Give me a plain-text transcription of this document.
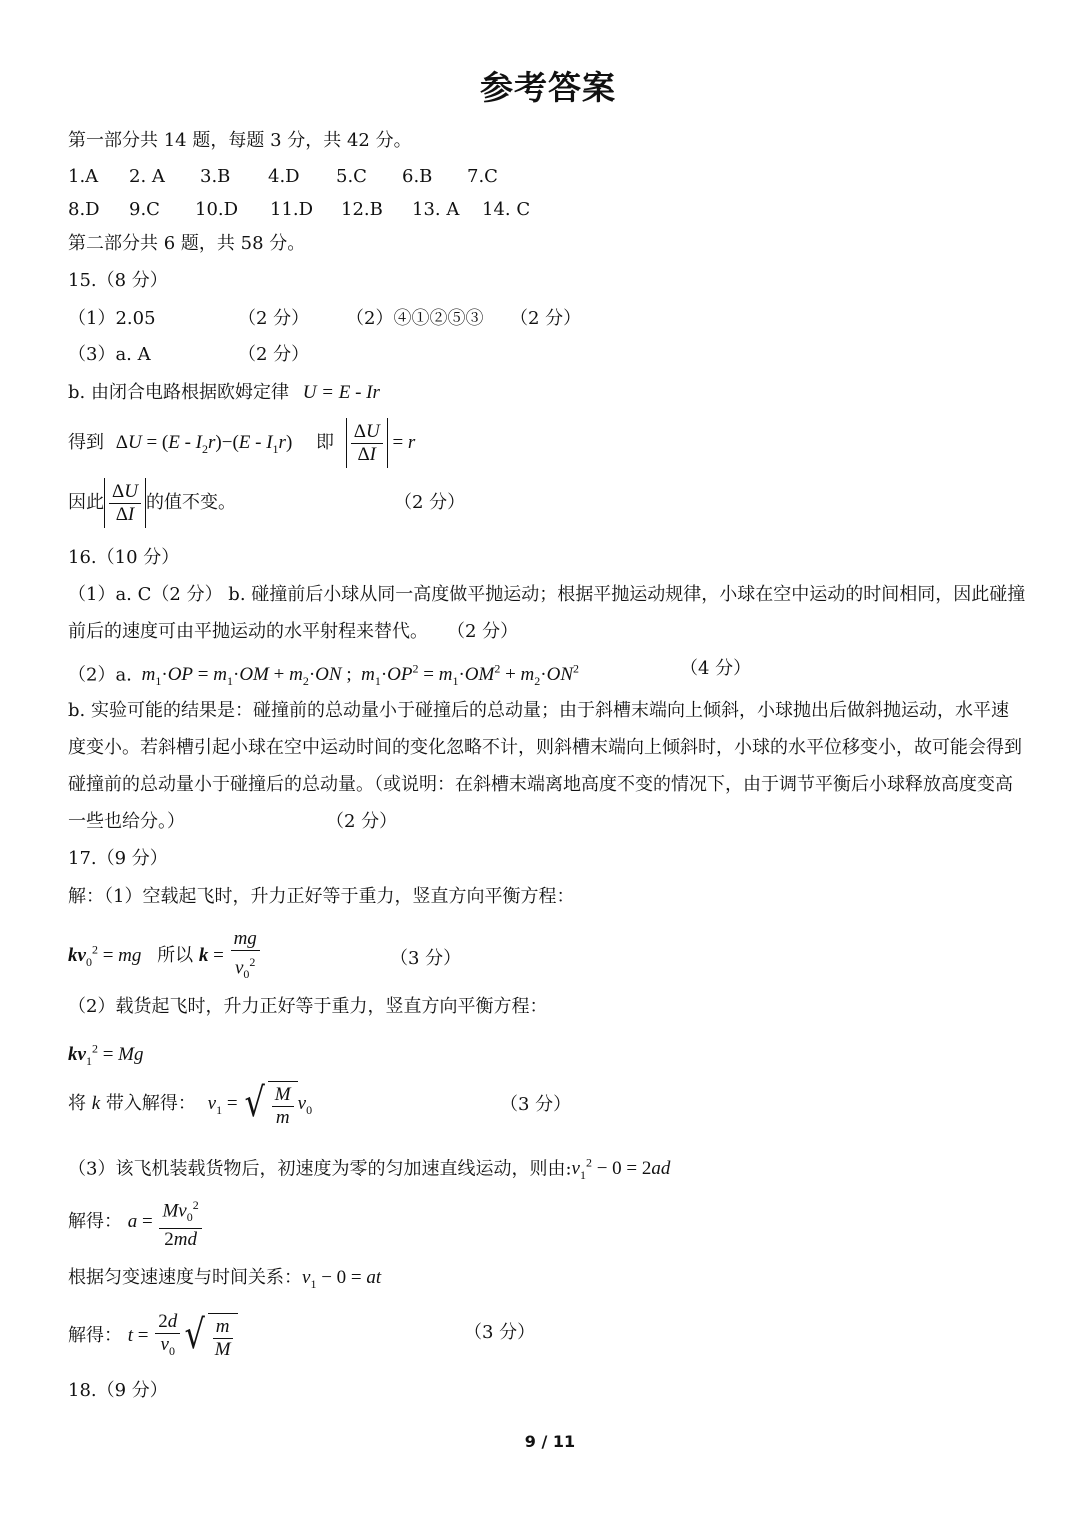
参考答案
第一部分共 14 题，每题 3 分，共 42 分。
1.A 2. A 3.B 4.D 5.C 6.B 7.C
8.D 9.C 10.D 11.D 12.B 13. A 14. C
第二部分共 6 题，共 58 分。
15.（8 分）
（1）2.05	（2 分） （2）④①②⑤③ （2 分）
（3）a. A	（2 分）
b. 由闭合电路根据欧姆定律 U = E - Ir
得到 $\Delta U = (E - I_2r)-(E - I_1r)$ 即 $\frac{\Delta U}{\Delta I} = r$
因此 $\frac{\Delta U}{\Delta I}$ 的值不变。	（2 分）
16.（10 分）
（1）a. C（2 分） b. 碰撞前后小球从同一高度做平抛运动；根据平抛运动规律，小球在空中运动的时间相同，因此碰撞前后的速度可由平抛运动的水平射程来替代。 （2 分）
（2）a. $m_1\cdot OP = m_1\cdot OM + m_2\cdot ON$ ;  $m_1\cdot OP^2 = m_1\cdot OM^2 + m_2\cdot ON^2$	（4 分）
b. 实验可能的结果是：碰撞前的总动量小于碰撞后的总动量；由于斜槽末端向上倾斜，小球抛出后做斜抛运动，水平速度变小。若斜槽引起小球在空中运动时间的变化忽略不计，则斜槽末端向上倾斜时，小球的水平位移变小，故可能会得到碰撞前的总动量小于碰撞后的总动量。（或说明：在斜槽末端离地高度不变的情况下，由于调节平衡后小球释放高度变高一些也给分。）	（2 分）
17.（9 分）
解：（1）空载起飞时，升力正好等于重力，竖直方向平衡方程：
$kv_0^2$ = mg 所以 $k = \frac{mg}{v_0^2}$	（3 分）
（2）载货起飞时，升力正好等于重力，竖直方向平衡方程：
$kv_1^2 = Mg$
将 k 带入解得： $v_1$ = √ $\frac{M}{m} v_0$	（3 分）
（3）该飞机装载货物后，初速度为零的匀加速直线运动，则由$:v_1^2 - 0 = 2ad$
解得： $a = \frac{Mv_0^2}{2md}$
根据匀变速速度与时间关系：$v_1 - 0$ = at
解得： $t = \frac{2d}{v_0}$ √ $\frac{m}{M}$	（3 分）
18.（9 分）
9 / 11
